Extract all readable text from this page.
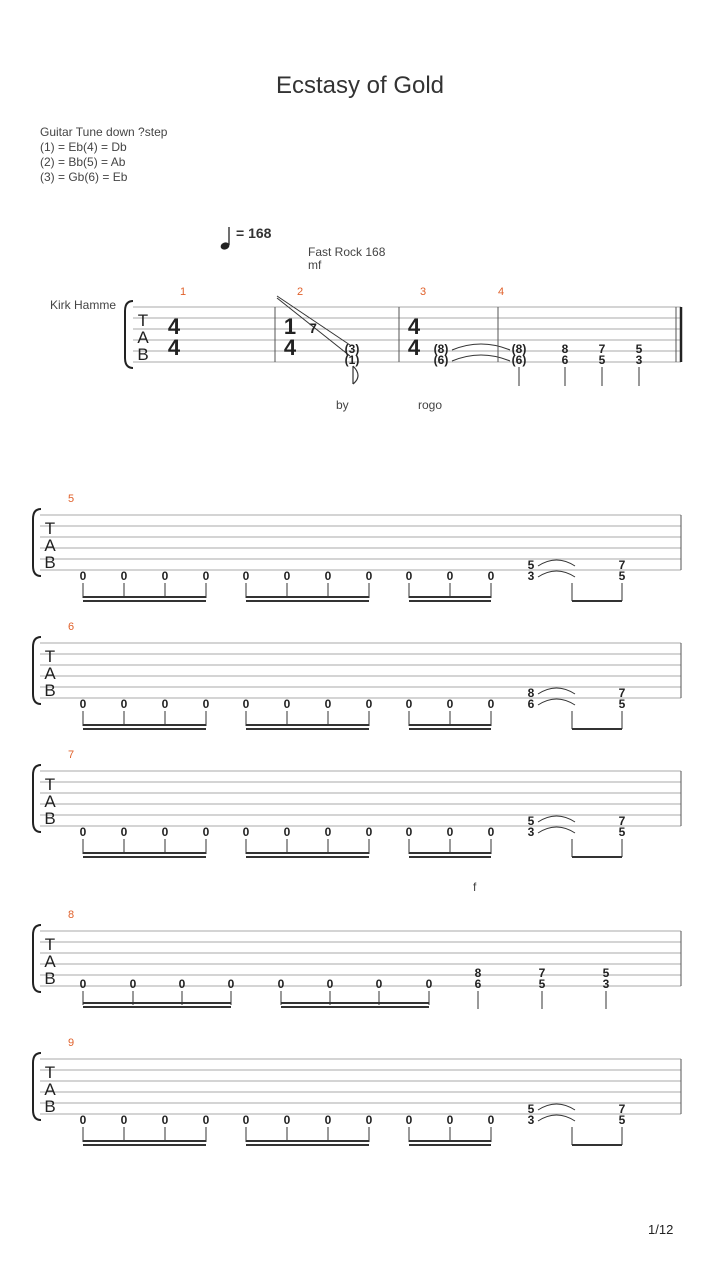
Ecstasy of Gold
Guitar Tune down ?step
(1) = Eb(4) = Db
(2) = Bb(5) = Ab
(3) = Gb(6) = Eb
= 168
Fast Rock 168
mf
Kirk Hamme
by	rogo
f
1/12
T
A
B
1	2	3	4
4
4
1
4
7
(3)
(1)
4
4 (8)
(6)
(8)
(6)
8
6
7
5
5
3
T
A
B
5
0	0	0	0	0	0	0	0	0	0	0
5
3
7
5
T
A
B
6
0	0	0	0	0	0	0	0	0	0	0
8
6
7
5
T
A
B
7
0	0	0	0	0	0	0	0	0	0	0
5
3
7
5
T
A
B
9
0	0	0	0	0	0	0	0	0	0	0
5
3
7
5
T
A
B
8
0	0	0	0	0	0	0	0
8
6
7
5
5
3
